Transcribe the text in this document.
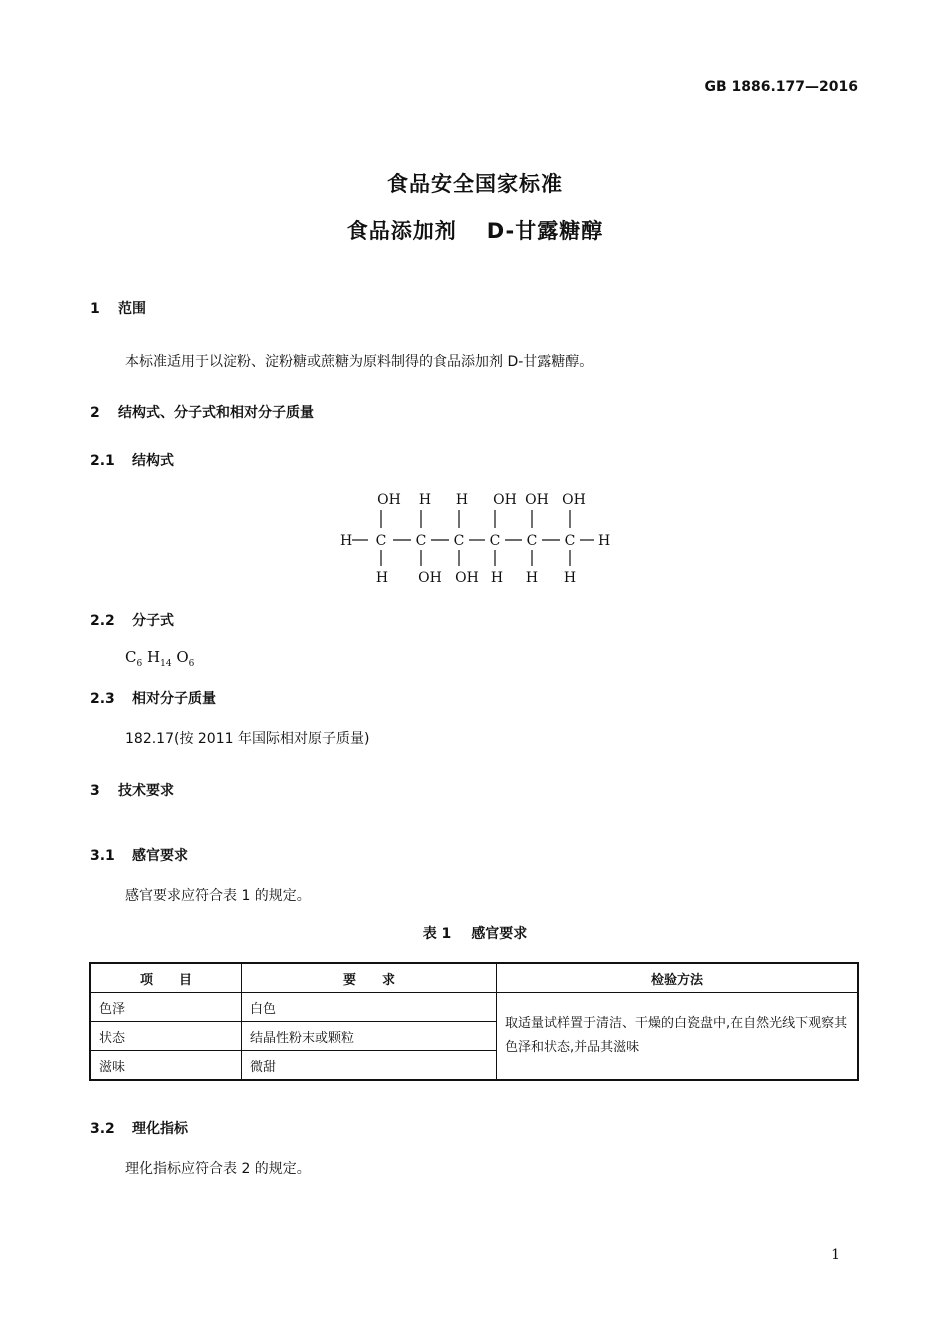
GB 1886.177—2016
食品安全国家标准
食品添加剂 D-甘露糖醇
1 范围
本标准适用于以淀粉、淀粉糖或蔗糖为原料制得的食品添加剂 D-甘露糖醇。
2 结构式、分子式和相对分子质量
2.1 结构式
H	H
C C C C C C
OH H H OH OH OH
H OH OH H H H
2.2 分子式
$C_6$ $H_{14}$ $O_6$
2.3 相对分子质量
182.17(按 2011 年国际相对原子质量)
3 技术要求
3.1 感官要求
感官要求应符合表 1 的规定。
表 1 感官要求
项　　目	要　　求	检验方法
色泽	白色	取适量试样置于清洁、干燥的白瓷盘中,在自然光线下观察其色泽和状态,并品其滋味
状态	结晶性粉末或颗粒	
滋味	微甜	
3.2 理化指标
理化指标应符合表 2 的规定。
1
